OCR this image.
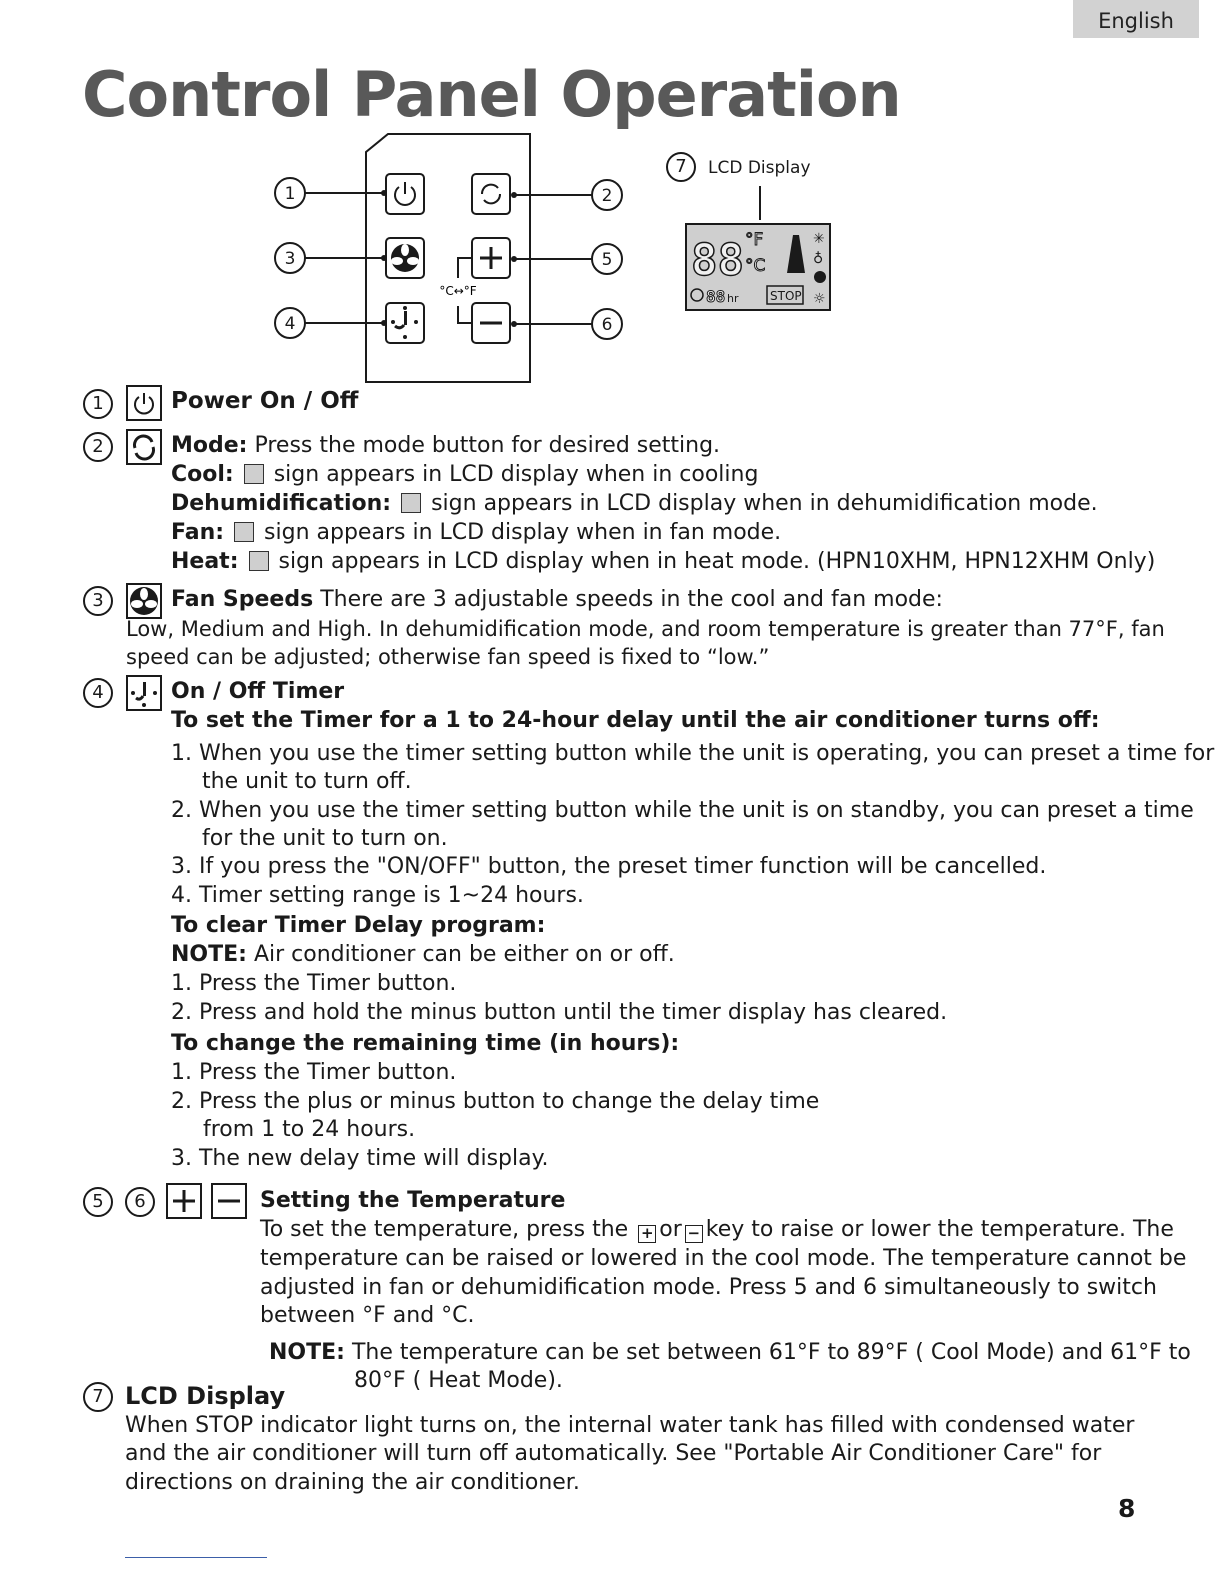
English
Control Panel Operation
1	2
3
4
5
6
°C↔°F
7	LCD Display
88 °F
°C
✳
♁
☼
88 hr	STOP
1
2
3
4
5	6
7
Power On / Off
Mode: Press the mode button for desired setting.
Cool: sign appears in LCD display when in cooling
Dehumidification: sign appears in LCD display when in dehumidification mode.
Fan: sign appears in LCD display when in fan mode.
Heat: sign appears in LCD display when in heat mode. (HPN10XHM, HPN12XHM Only)
Fan Speeds There are 3 adjustable speeds in the cool and fan mode:
Low, Medium and High. In dehumidification mode, and room temperature is greater than 77°F, fan
speed can be adjusted; otherwise fan speed is fixed to “low.”
On / Off Timer
To set the Timer for a 1 to 24-hour delay until the air conditioner turns off:
1. When you use the timer setting button while the unit is operating, you can preset a time for
the unit to turn off.
2. When you use the timer setting button while the unit is on standby, you can preset a time
for the unit to turn on.
3. If you press the "ON/OFF" button, the preset timer function will be cancelled.
4. Timer setting range is 1~24 hours.
To clear Timer Delay program:
NOTE: Air conditioner can be either on or off.
1. Press the Timer button.
2. Press and hold the minus button until the timer display has cleared.
To change the remaining time (in hours):
1. Press the Timer button.
2. Press the plus or minus button to change the delay time
from 1 to 24 hours.
3. The new delay time will display.
Setting the Temperature
To set the temperature, press the + or − key to raise or lower the temperature. The
temperature can be raised or lowered in the cool mode. The temperature cannot be
adjusted in fan or dehumidification mode. Press 5 and 6 simultaneously to switch
between °F and °C.
NOTE: The temperature can be set between 61°F to 89°F ( Cool Mode) and 61°F to
80°F ( Heat Mode).
LCD Display
When STOP indicator light turns on, the internal water tank has filled with condensed water
and the air conditioner will turn off automatically. See "Portable Air Conditioner Care" for
directions on draining the air conditioner.
8
